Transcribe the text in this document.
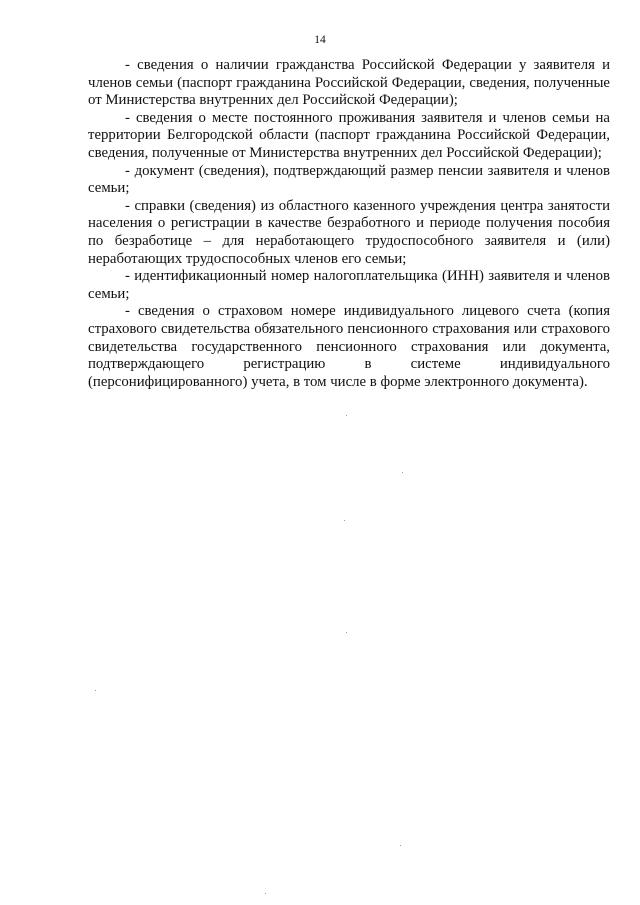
14

- сведения о наличии гражданства Российской Федерации у заявителя и членов семьи (паспорт гражданина Российской Федерации, сведения, полученные от Министерства внутренних дел Российской Федерации);

- сведения о месте постоянного проживания заявителя и членов семьи на территории Белгородской области (паспорт гражданина Российской Федерации, сведения, полученные от Министерства внутренних дел Российской Федерации);

- документ (сведения), подтверждающий размер пенсии заявителя и членов семьи;

- справки (сведения) из областного казенного учреждения центра занятости населения о регистрации в качестве безработного и периоде получения пособия по безработице – для неработающего трудоспособного заявителя и (или) неработающих трудоспособных членов его семьи;

- идентификационный номер налогоплательщика (ИНН) заявителя и членов семьи;

- сведения о страховом номере индивидуального лицевого счета (копия страхового свидетельства обязательного пенсионного страхования или страхового свидетельства государственного пенсионного страхования или документа, подтверждающего регистрацию в системе индивидуального (персонифицированного) учета, в том числе в форме электронного документа).
